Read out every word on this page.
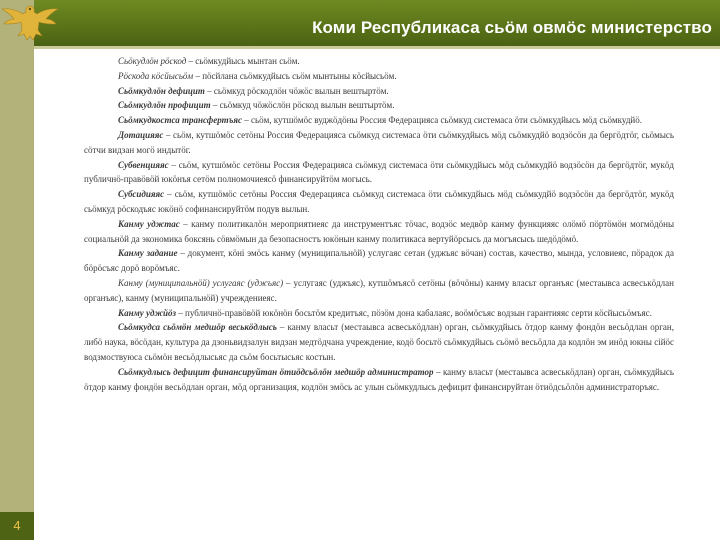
Коми Республикаса сьӧм овмӧс министерство
4

Сьӧкудлӧн рӧскод – сьӧмкудйысь мынтан сьӧм.

Рӧскода кӧсйысьӧм – пӧсйлана сьӧмкудйысь сьӧм мынтыны кӧсйысьӧм.

Сьӧмкудлӧн дефицит – сьӧмкуд рӧскодлӧн чӧжӧс вылын вештыртӧм.

Сьӧмкудлӧн профицит – сьӧмкуд чӧжӧслӧн рӧскод вылын вештыртӧм.

Сьӧмкудкостса трансфертъяс – сьӧм, кутшӧмӧс вуджӧдӧны Россия Федерацияса сьӧмкуд системаса ӧти сьӧмкудйысь мӧд сьӧмкудйӧ.

Дотацияяс – сьӧм, кутшӧмӧс сетӧны Россия Федерацияса сьӧмкуд системаса ӧти сьӧмкудйысь мӧд сьӧмкудйӧ водзӧсӧн да бергӧдтӧг, сьӧмысь сӧтчи видзан могӧ индытӧг.

Субвенцияяс – сьӧм, кутшӧмӧс сетӧны Россия Федерацияса сьӧмкуд системаса ӧти сьӧмкудйысь мӧд сьӧмкудйӧ водзӧсӧн да бергӧдтӧг, мукӧд публичнӧ-правӧвӧй юкӧнъя сетӧм полномочиеясӧ финансируйтӧм могысь.

Субсидияяс – сьӧм, кутшӧмӧс сетӧны Россия Федерацияса сьӧмкуд системаса ӧти сьӧмкудйысь мӧд сьӧмкудйӧ водзӧсӧн да бергӧдтӧг, мукӧд сьӧмкуд рӧскодъяс юкӧнӧ софинансируйтӧм подув вылын.

Канму уджтас – канму политикалӧн мероприятиеяс да инструментъяс тӧчас, водзӧс медвӧр канму функцияяс олӧмӧ пӧртӧмӧн могмӧдӧны социальнӧй да экономика боксянь сӧвмӧмын да безопасностъ юкӧнын канму политикаса вертуйӧрсысь да могъясысь шедӧдӧмӧ.

Канму задание – документ, кӧні эмӧсь канму (муниципальнӧй) услугаяс сетан (уджъяс вӧчан) состав, качество, мында, условиеяс, пӧрадок да бӧрӧсъяс дорӧ ворӧмъяс.

Канму (муниципальнӧй) услугаяс (уджъяс) – услугаяс (уджъяс), кутшӧмъясӧ сетӧны (вӧчӧны) канму власьт органъяс (местаывса асвеськӧдлан органъяс), канму (муниципальнӧй) учреждениеяс.

Канму уджйӧз – публичнӧ-правӧвӧй юкӧнӧн босьтӧм кредитъяс, пӧзӧм дона кабалаяс, воӧмӧсъяс водзын гарантияяс серти кӧсйысьӧмъяс.

Сьӧмкудса сьӧмӧн медшӧр веськӧдлысь – канму власьт (местаывса асвеськӧдлан) орган, сьӧмкудйысь ӧтдор канму фондӧн весьӧдлан орган, либӧ наука, вӧсӧдан, культура да дзоньвидзалун видзан медтӧдчана учреждение, кодӧ босьтӧ сьӧмкудйысь сьӧмӧ весьӧдла да кодлӧн эм инӧд юкны сійӧс водзмоствуюса сьӧмӧн весьӧдлысьяс да сьӧм босьтысьяс костын.

Сьӧмкудлысь дефицит финансируйтан ӧтиӧдсьӧлӧн медшӧр администратор – канму власьт (местаывса асвеськӧдлан) орган, сьӧмкудйысь ӧтдор канму фондӧн весьӧдлан орган, мӧд организация, кодлӧн эмӧсь ас улын сьӧмкудлысь дефицит финансируйтан ӧтиӧдсьӧлӧн администраторъяс.
